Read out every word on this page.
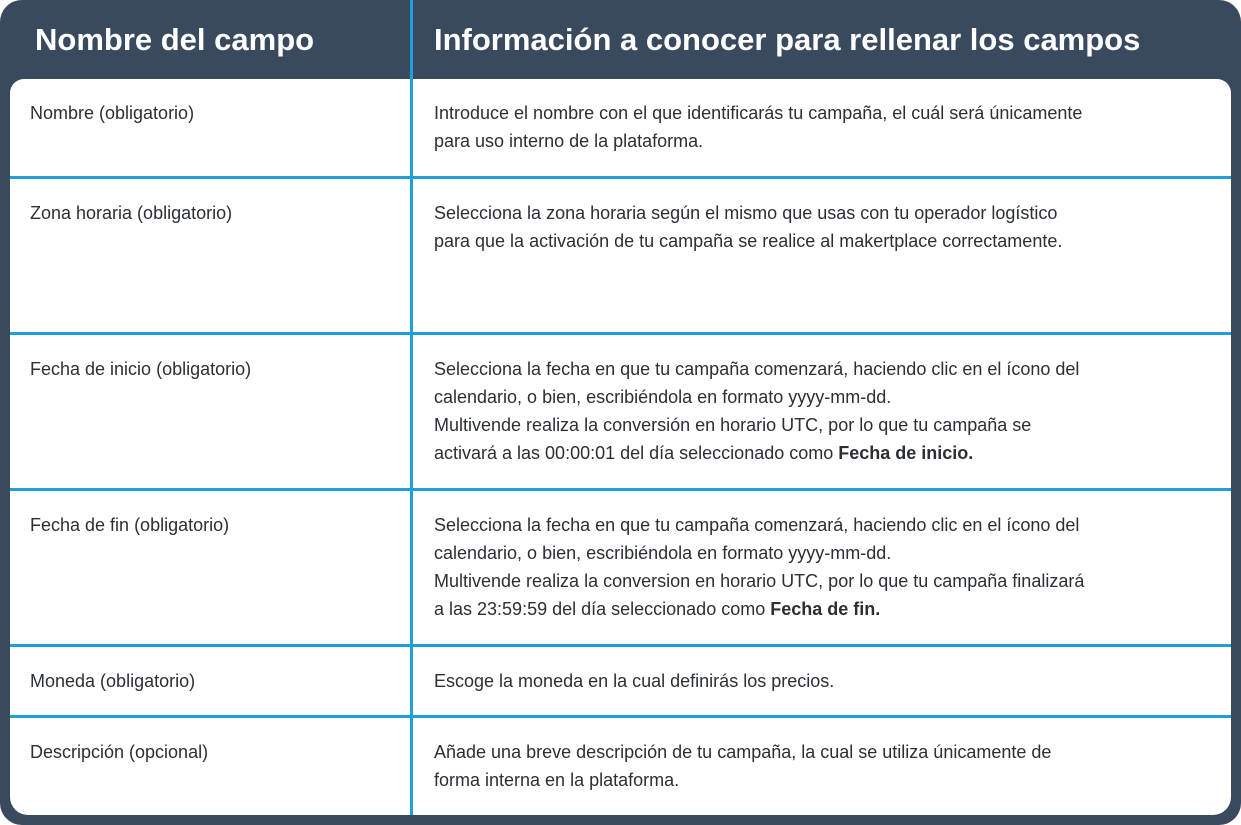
Nombre del campo	Información a conocer para rellenar los campos
Nombre (obligatorio)	Introduce el nombre con el que identificarás tu campaña, el cuál será únicamente
para uso interno de la plataforma.
Zona horaria (obligatorio)	Selecciona la zona horaria según el mismo que usas con tu operador logístico
para que la activación de tu campaña se realice al makertplace correctamente.
Fecha de inicio (obligatorio)	Selecciona la fecha en que tu campaña comenzará, haciendo clic en el ícono del
calendario, o bien, escribiéndola en formato yyyy-mm-dd.
Multivende realiza la conversión en horario UTC, por lo que tu campaña se
activará a las 00:00:01 del día seleccionado como Fecha de inicio.
Fecha de fin (obligatorio)	Selecciona la fecha en que tu campaña comenzará, haciendo clic en el ícono del
calendario, o bien, escribiéndola en formato yyyy-mm-dd.
Multivende realiza la conversion en horario UTC, por lo que tu campaña finalizará
a las 23:59:59 del día seleccionado como Fecha de fin.
Moneda (obligatorio)	Escoge la moneda en la cual definirás los precios.
Descripción (opcional)	Añade una breve descripción de tu campaña, la cual se utiliza únicamente de
forma interna en la plataforma.
